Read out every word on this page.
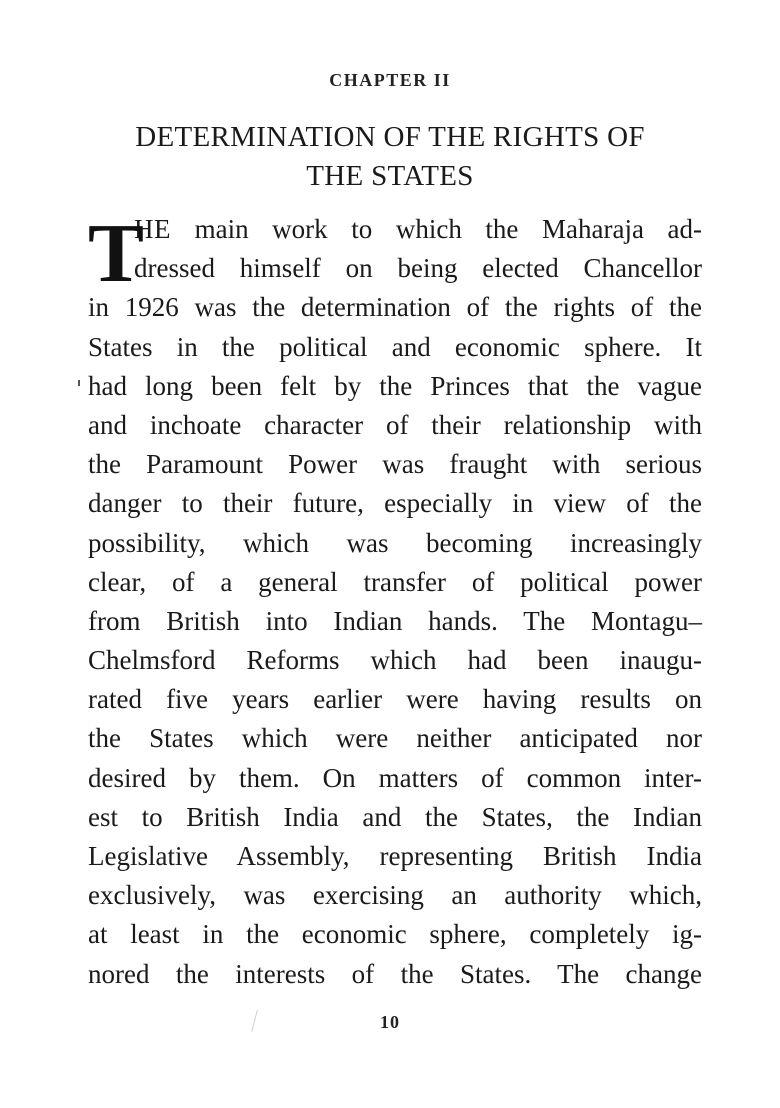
CHAPTER II
DETERMINATION OF THE RIGHTS OF
THE STATES
T
HE main work to which the Maharaja ad-
dressed himself on being elected Chancellor
in 1926 was the determination of the rights of the
States in the political and economic sphere. It
had long been felt by the Princes that the vague
and inchoate character of their relationship with
the Paramount Power was fraught with serious
danger to their future, especially in view of the
possibility, which was becoming increasingly
clear, of a general transfer of political power
from British into Indian hands. The Montagu–
Chelmsford Reforms which had been inaugu-
rated five years earlier were having results on
the States which were neither anticipated nor
desired by them. On matters of common inter-
est to British India and the States, the Indian
Legislative Assembly, representing British India
exclusively, was exercising an authority which,
at least in the economic sphere, completely ig-
nored the interests of the States. The change
10
